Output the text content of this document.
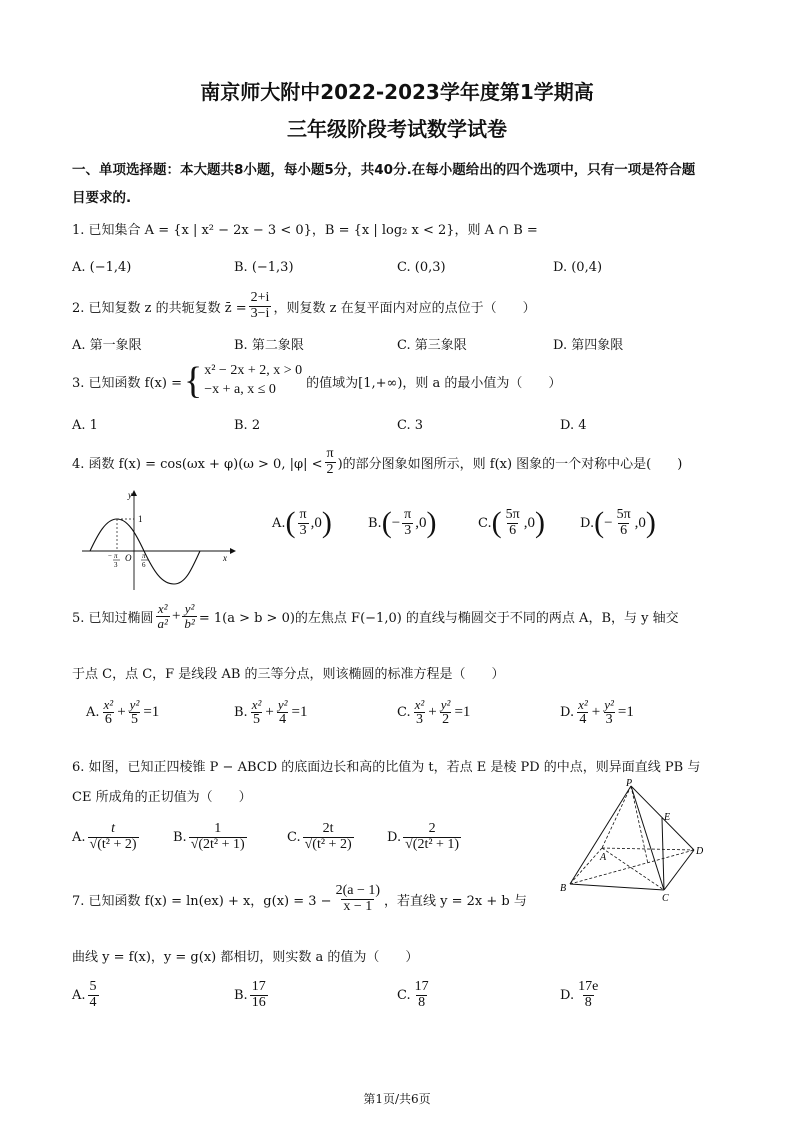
南京师大附中2022-2023学年度第1学期高
三年级阶段考试数学试卷
一、单项选择题：本大题共8小题，每小题5分，共40分.在每小题给出的四个选项中，只有一项是符合题
目要求的.
1. 已知集合 A = {x | x² − 2x − 3 < 0}，B = {x | log₂ x < 2}，则 A ∩ B =
A. (−1,4)	B. (−1,3)	C. (0,3)	D. (0,4)
2. 已知复数 z 的共轭复数 z̄ = $\frac{2+i}{3-i}$ ，则复数 z 在复平面内对应的点位于（　　）
A. 第一象限	B. 第二象限	C. 第三象限	D. 第四象限
3. 已知函数 f(x) = { x² − 2x + 2, x > 0
−x + a, x ≤ 0	的值域为[1,+∞)，则 a 的最小值为（　　）
A. 1	B. 2	C. 3	D. 4
4. 函数 f(x) = cos(ωx + φ)(ω > 0, $|\varphi| < \frac{\pi}{2}$ )的部分图象如图所示，则 f(x) 图象的一个对称中心是(　　)
y
x
1
O
− π
3
π
6
A. ( $\frac{\pi}{3} ,0$ )	B. ( − $\frac{\pi}{3} ,0$ )	C. ( $\frac{5\pi}{6} ,0$ )	D. ( − $\frac{5\pi}{6} ,0$ )
5. 已知过椭圆 $\frac{\text{x²}}{\text{a²}} + \frac{\text{y²}}{\text{b²}} = 1(a > b > 0)$的左焦点 F(−1,0) 的直线与椭圆交于不同的两点 A，B，与 y 轴交
于点 C，点 C，F 是线段 AB 的三等分点，则该椭圆的标准方程是（　　）
A. $\frac{\text{x²}}{6} + \frac{\text{y²}}{5} =1$	B. $\frac{\text{x²}}{5} + \frac{\text{y²}}{4} =1$	C. $\frac{\text{x²}}{3} + \frac{\text{y²}}{2} =1$	D. $\frac{\text{x²}}{4} + \frac{\text{y²}}{3} =1$
6. 如图，已知正四棱锥 P − ABCD 的底面边长和高的比值为 t，若点 E 是棱 PD 的中点，则异面直线 PB 与
CE 所成角的正切值为（　　）
A. $\frac{t}{\text{√(t² + 2)}}$	B. $\frac{1}{\text{√(2t² + 1)}}$	C. $\frac{2t}{\text{√(t² + 2)}}$	D. $\frac{2}{\text{√(2t² + 1)}}$
P
E
A
B
C
D
7. 已知函数 f(x) = ln(ex) + x，$g(x) = 3 - \frac{2(a - 1)}{x - 1}$ ，若直线 y = 2x + b 与
曲线 y = f(x)，y = g(x) 都相切，则实数 a 的值为（　　）
A. $\frac{5}{4}$	B. $\frac{17}{16}$	C. $\frac{17}{8}$	D. $\frac{17e}{8}$
第1页/共6页
